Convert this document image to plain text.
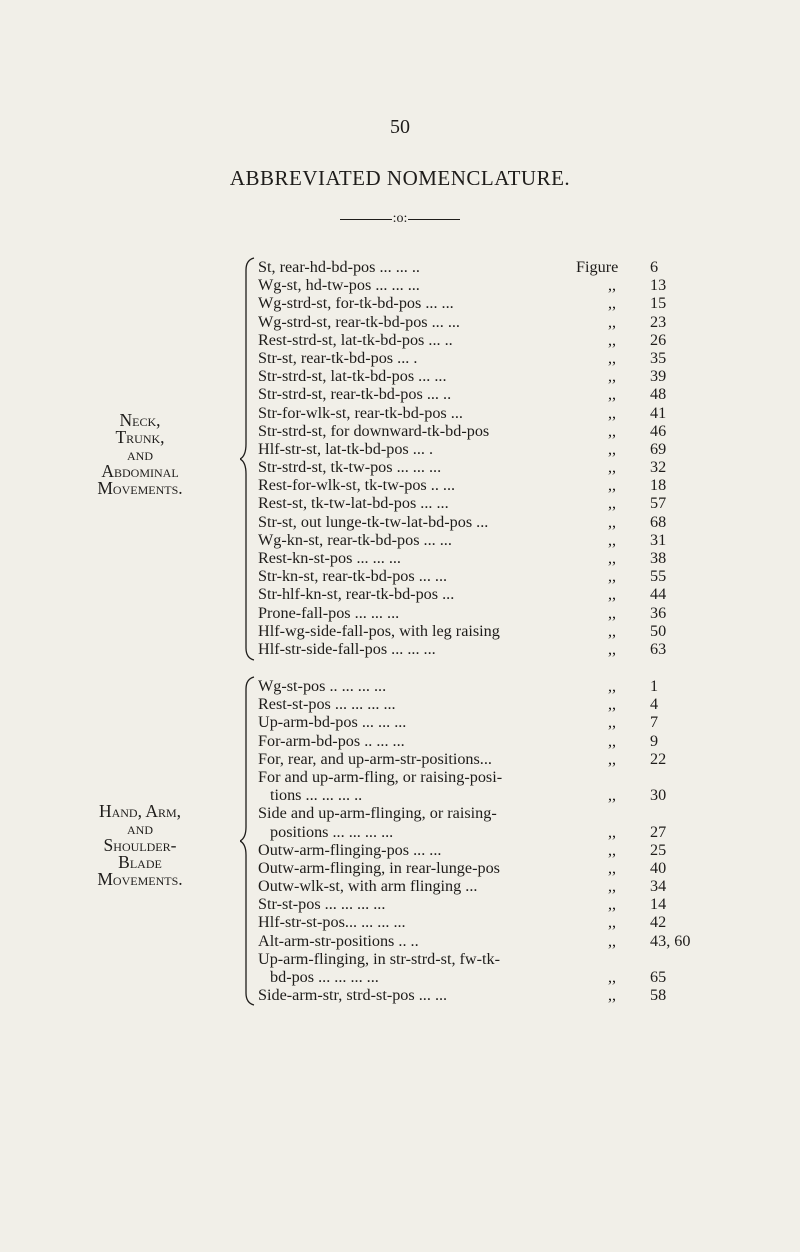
50
ABBREVIATED NOMENCLATURE.
:o:
Neck,
Trunk,
and
Abdominal
Movements.
St, rear-hd-bd-pos ... ... ..	Figure 6
Wg-st, hd-tw-pos ... ... ...	,, 13
Wg-strd-st, for-tk-bd-pos ... ...	,, 15
Wg-strd-st, rear-tk-bd-pos ... ...	,, 23
Rest-strd-st, lat-tk-bd-pos ... ..	,, 26
Str-st, rear-tk-bd-pos ... .	,, 35
Str-strd-st, lat-tk-bd-pos ... ...	,, 39
Str-strd-st, rear-tk-bd-pos ... ..	,, 48
Str-for-wlk-st, rear-tk-bd-pos ...	,, 41
Str-strd-st, for downward-tk-bd-pos	,, 46
Hlf-str-st, lat-tk-bd-pos ... .	,, 69
Str-strd-st, tk-tw-pos ... ... ...	,, 32
Rest-for-wlk-st, tk-tw-pos .. ...	,, 18
Rest-st, tk-tw-lat-bd-pos ... ...	,, 57
Str-st, out lunge-tk-tw-lat-bd-pos ...	,, 68
Wg-kn-st, rear-tk-bd-pos ... ...	,, 31
Rest-kn-st-pos ... ... ...	,, 38
Str-kn-st, rear-tk-bd-pos ... ...	,, 55
Str-hlf-kn-st, rear-tk-bd-pos ...	,, 44
Prone-fall-pos ... ... ...	,, 36
Hlf-wg-side-fall-pos, with leg raising	,, 50
Hlf-str-side-fall-pos ... ... ...	,, 63
Hand, Arm,
and
Shoulder-
Blade
Movements.
Wg-st-pos .. ... ... ...	,, 1
Rest-st-pos ... ... ... ...	,, 4
Up-arm-bd-pos ... ... ...	,, 7
For-arm-bd-pos .. ... ...	,, 9
For, rear, and up-arm-str-positions...	,, 22
For and up-arm-fling, or raising-posi-
tions ... ... ... ..	,, 30
Side and up-arm-flinging, or raising-
positions ... ... ... ...	,, 27
Outw-arm-flinging-pos ... ...	,, 25
Outw-arm-flinging, in rear-lunge-pos	,, 40
Outw-wlk-st, with arm flinging ...	,, 34
Str-st-pos ... ... ... ...	,, 14
Hlf-str-st-pos... ... ... ...	,, 42
Alt-arm-str-positions .. ..	,, 43, 60
Up-arm-flinging, in str-strd-st, fw-tk-
bd-pos ... ... ... ...	,, 65
Side-arm-str, strd-st-pos ... ...	,, 58
